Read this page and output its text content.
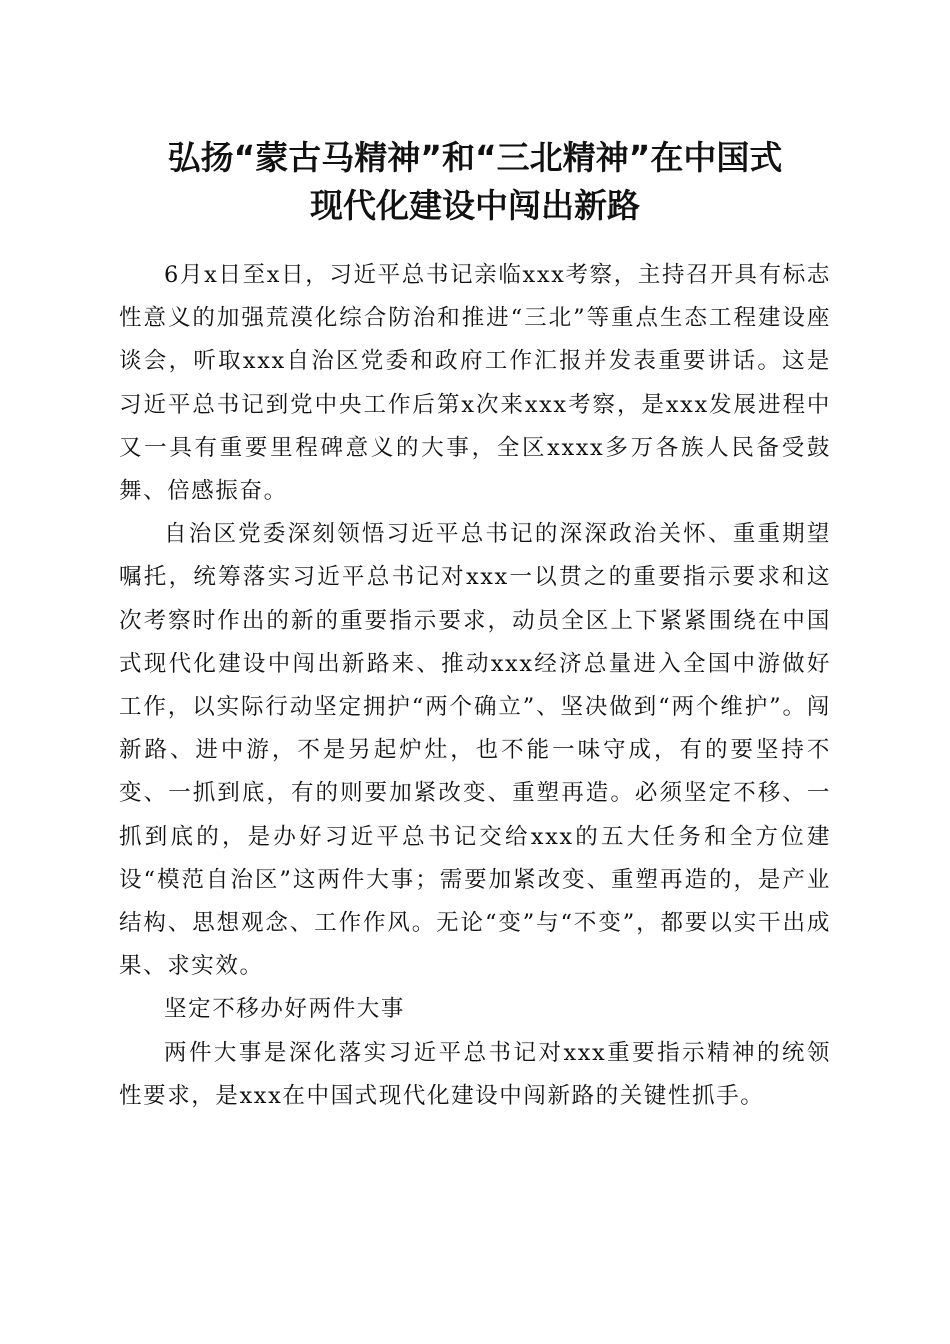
弘扬“蒙古马精神”和“三北精神”在中国式
现代化建设中闯出新路

6月x日至x日，习近平总书记亲临xxx考察，主持召开具有标志性意义的加强荒漠化综合防治和推进“三北”等重点生态工程建设座谈会，听取xxx自治区党委和政府工作汇报并发表重要讲话。这是习近平总书记到党中央工作后第x次来xxx考察，是xxx发展进程中又一具有重要里程碑意义的大事，全区xxxx多万各族人民备受鼓舞、倍感振奋。

自治区党委深刻领悟习近平总书记的深深政治关怀、重重期望嘱托，统筹落实习近平总书记对xxx一以贯之的重要指示要求和这次考察时作出的新的重要指示要求，动员全区上下紧紧围绕在中国式现代化建设中闯出新路来、推动xxx经济总量进入全国中游做好工作，以实际行动坚定拥护“两个确立”、坚决做到“两个维护”。闯新路、进中游，不是另起炉灶，也不能一味守成，有的要坚持不变、一抓到底，有的则要加紧改变、重塑再造。必须坚定不移、一抓到底的，是办好习近平总书记交给xxx的五大任务和全方位建设“模范自治区”这两件大事；需要加紧改变、重塑再造的，是产业结构、思想观念、工作作风。无论“变”与“不变”，都要以实干出成果、求实效。

坚定不移办好两件大事

两件大事是深化落实习近平总书记对xxx重要指示精神的统领性要求，是xxx在中国式现代化建设中闯新路的关键性抓手。
